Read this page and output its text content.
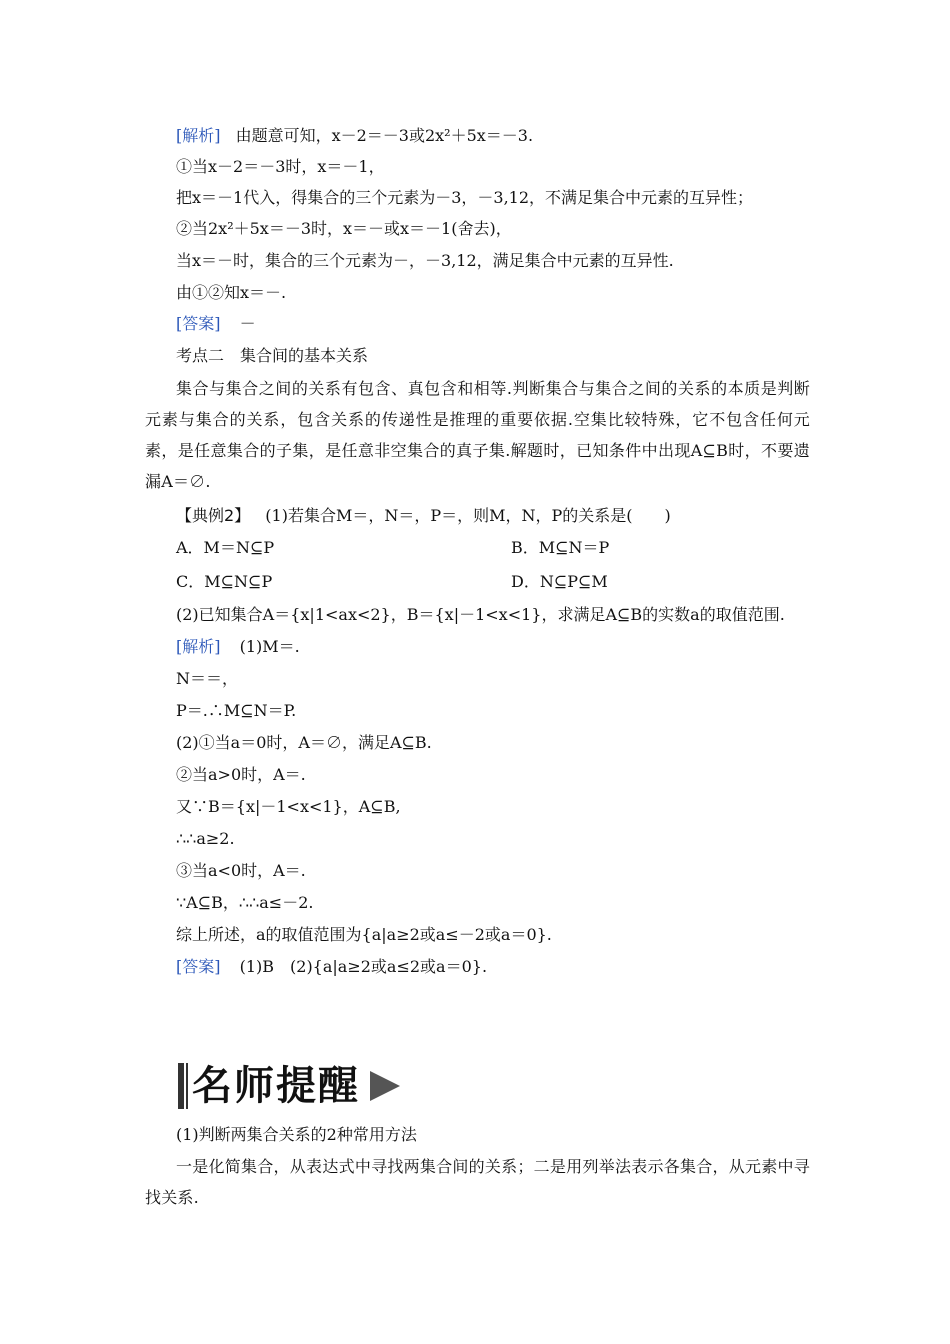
[解析] 由题意可知，x－2＝－3或2x²＋5x＝－3.
①当x－2＝－3时，x＝－1，
把x＝－1代入，得集合的三个元素为－3，－3,12，不满足集合中元素的互异性；
②当2x²＋5x＝－3时，x＝－或x＝－1(舍去)，
当x＝－时，集合的三个元素为－，－3,12，满足集合中元素的互异性.
由①②知x＝－.
[答案] －
考点二　集合间的基本关系
集合与集合之间的关系有包含、真包含和相等.判断集合与集合之间的关系的本质是判断元素与集合的关系，包含关系的传递性是推理的重要依据.空集比较特殊，它不包含任何元素，是任意集合的子集，是任意非空集合的真子集.解题时，已知条件中出现A⊆B时，不要遗漏A＝∅.
【典例2】 (1)若集合M＝，N＝，P＝，则M，N，P的关系是(　　)
A．M＝N⊆P	B．M⊆N＝P
C．M⊆N⊆P	D．N⊆P⊆M
(2)已知集合A＝{x|1<ax<2}，B＝{x|－1<x<1}，求满足A⊆B的实数a的取值范围.
[解析] (1)M＝.
N＝＝，
P＝.∴M⊆N＝P.
(2)①当a＝0时，A＝∅，满足A⊆B.
②当a>0时，A＝.
又∵B＝{x|－1<x<1}，A⊆B,
∴∴a≥2.
③当a<0时，A＝.
∵A⊆B，∴∴a≤－2.
综上所述，a的取值范围为{a|a≥2或a≤－2或a＝0}.
[答案] (1)B　(2){a|a≥2或a≤2或a＝0}.
名师提醒
(1)判断两集合关系的2种常用方法
一是化简集合，从表达式中寻找两集合间的关系；二是用列举法表示各集合，从元素中寻找关系.
